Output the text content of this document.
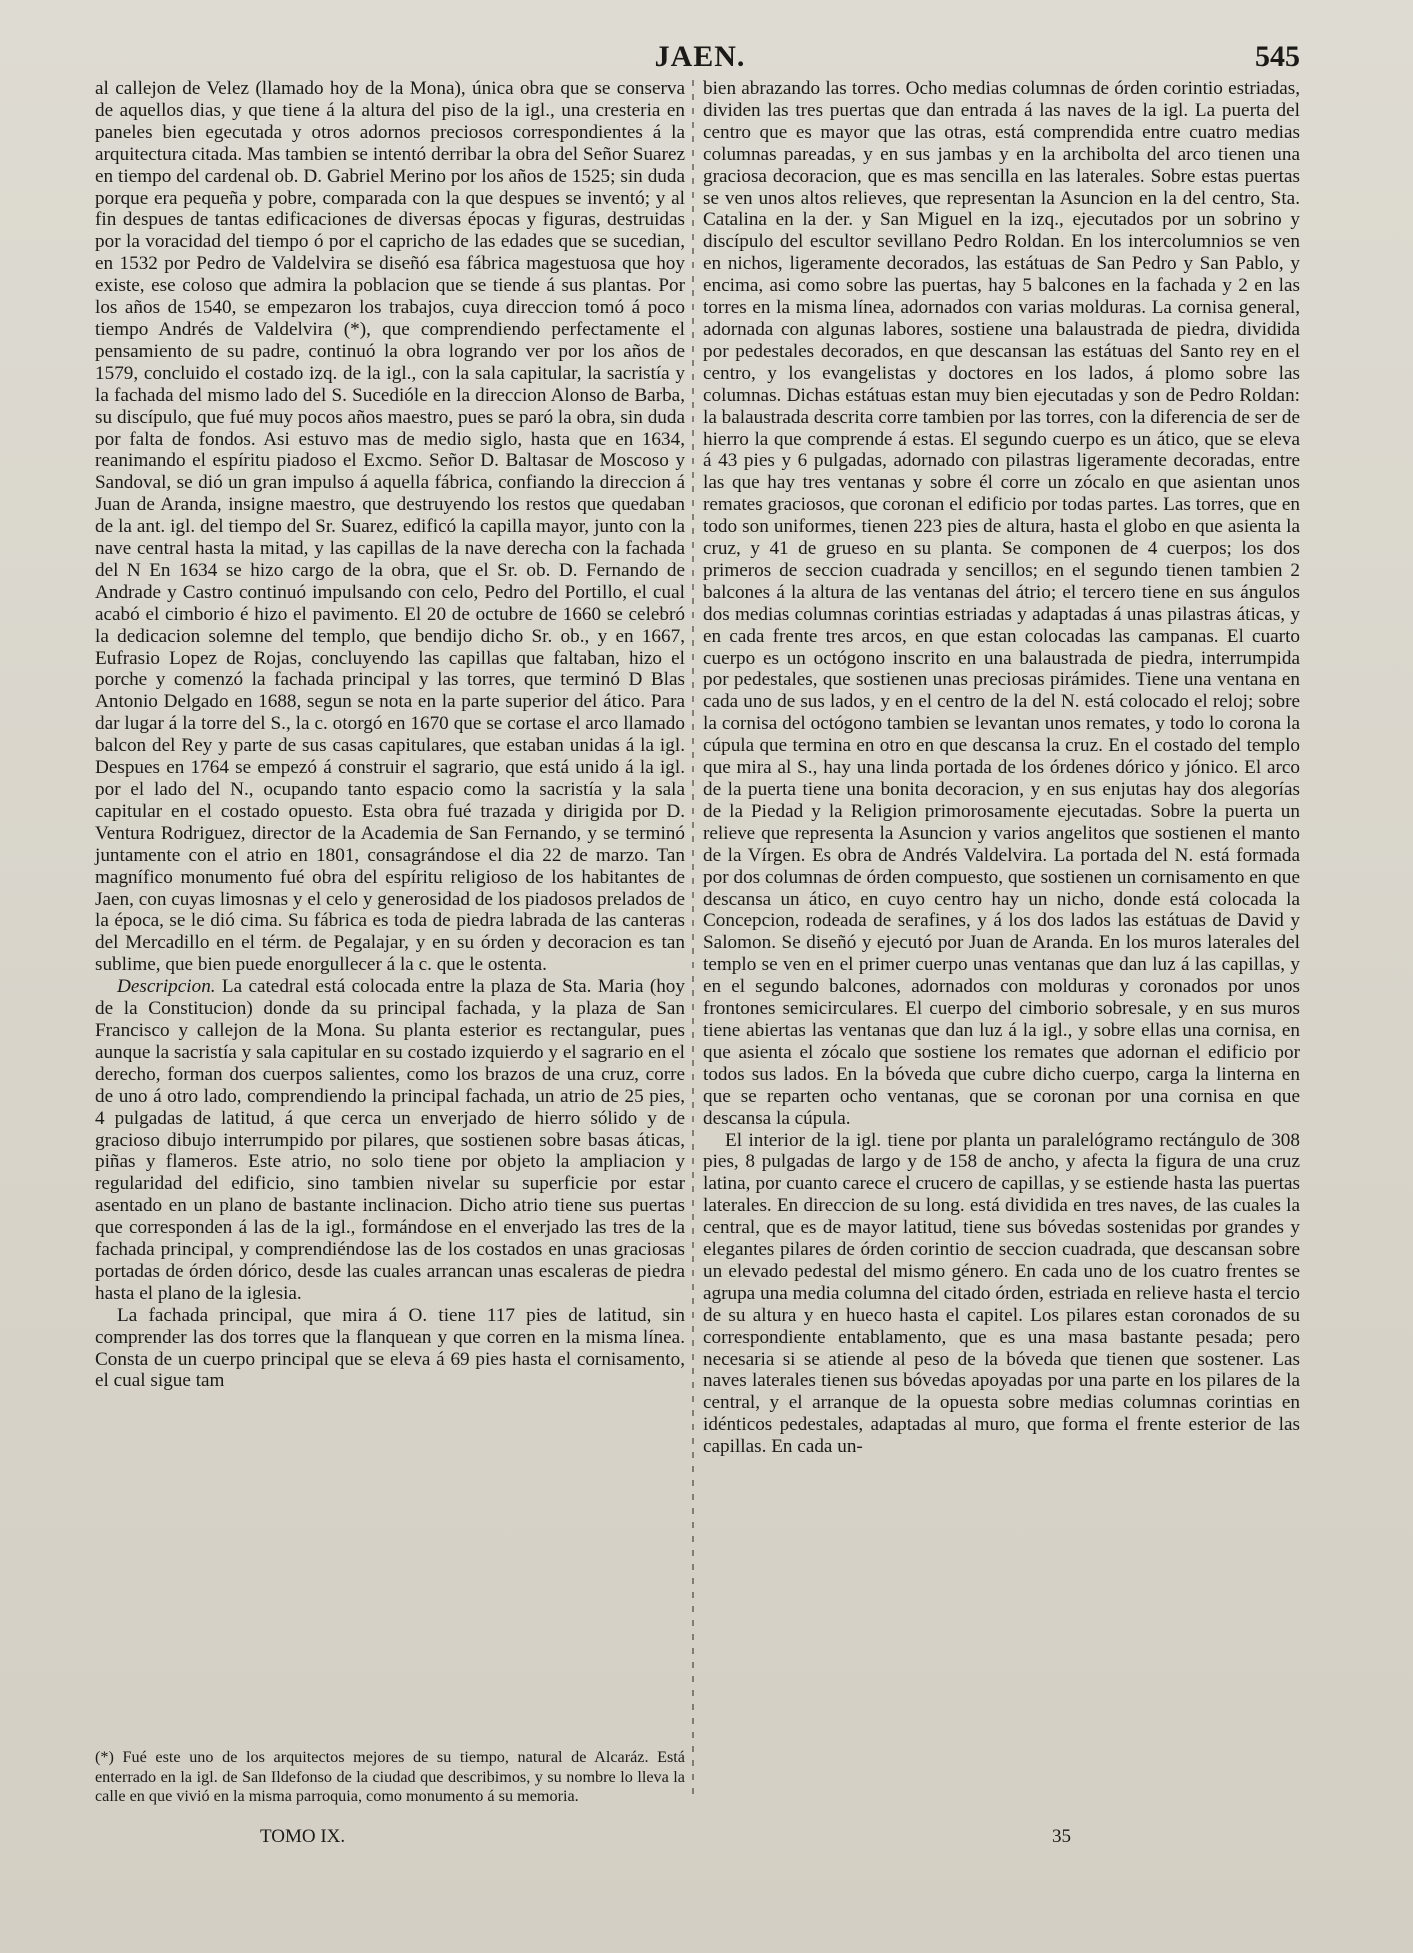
JAEN.	545

al callejon de Velez (llamado hoy de la Mona), única obra que se conserva de aquellos dias, y que tiene á la altura del piso de la igl., una cresteria en paneles bien egecutada y otros adornos preciosos correspondientes á la arquitectura citada. Mas tambien se intentó derribar la obra del Señor Suarez en tiempo del cardenal ob. D. Gabriel Merino por los años de 1525; sin duda porque era pequeña y pobre, comparada con la que despues se inventó; y al fin despues de tantas edificaciones de diversas épocas y figuras, destruidas por la voracidad del tiempo ó por el capricho de las edades que se sucedian, en 1532 por Pedro de Valdelvira se diseñó esa fábrica magestuosa que hoy existe, ese coloso que admira la poblacion que se tiende á sus plantas. Por los años de 1540, se empezaron los trabajos, cuya direccion tomó á poco tiempo Andrés de Valdelvira (*), que comprendiendo perfectamente el pensamiento de su padre, continuó la obra logrando ver por los años de 1579, concluido el costado izq. de la igl., con la sala capitular, la sacristía y la fachada del mismo lado del S. Sucedióle en la direccion Alonso de Barba, su discípulo, que fué muy pocos años maestro, pues se paró la obra, sin duda por falta de fondos. Asi estuvo mas de medio siglo, hasta que en 1634, reanimando el espíritu piadoso el Excmo. Señor D. Baltasar de Moscoso y Sandoval, se dió un gran impulso á aquella fábrica, confiando la direccion á Juan de Aranda, insigne maestro, que destruyendo los restos que quedaban de la ant. igl. del tiempo del Sr. Suarez, edificó la capilla mayor, junto con la nave central hasta la mitad, y las capillas de la nave derecha con la fachada del N En 1634 se hizo cargo de la obra, que el Sr. ob. D. Fernando de Andrade y Castro continuó impulsando con celo, Pedro del Portillo, el cual acabó el cimborio é hizo el pavimento. El 20 de octubre de 1660 se celebró la dedicacion solemne del templo, que bendijo dicho Sr. ob., y en 1667, Eufrasio Lopez de Rojas, concluyendo las capillas que faltaban, hizo el porche y comenzó la fachada principal y las torres, que terminó D Blas Antonio Delgado en 1688, segun se nota en la parte superior del ático. Para dar lugar á la torre del S., la c. otorgó en 1670 que se cortase el arco llamado balcon del Rey y parte de sus casas capitulares, que estaban unidas á la igl. Despues en 1764 se empezó á construir el sagrario, que está unido á la igl. por el lado del N., ocupando tanto espacio como la sacristía y la sala capitular en el costado opuesto. Esta obra fué trazada y dirigida por D. Ventura Rodriguez, director de la Academia de San Fernando, y se terminó juntamente con el atrio en 1801, consagrándose el dia 22 de marzo. Tan magnífico monumento fué obra del espíritu religioso de los habitantes de Jaen, con cuyas limosnas y el celo y generosidad de los piadosos prelados de la época, se le dió cima. Su fábrica es toda de piedra labrada de las canteras del Mercadillo en el térm. de Pegalajar, y en su órden y decoracion es tan sublime, que bien puede enorgullecer á la c. que le ostenta.

Descripcion. La catedral está colocada entre la plaza de Sta. Maria (hoy de la Constitucion) donde da su principal fachada, y la plaza de San Francisco y callejon de la Mona. Su planta esterior es rectangular, pues aunque la sacristía y sala capitular en su costado izquierdo y el sagrario en el derecho, forman dos cuerpos salientes, como los brazos de una cruz, corre de uno á otro lado, comprendiendo la principal fachada, un atrio de 25 pies, 4 pulgadas de latitud, á que cerca un enverjado de hierro sólido y de gracioso dibujo interrumpido por pilares, que sostienen sobre basas áticas, piñas y flameros. Este atrio, no solo tiene por objeto la ampliacion y regularidad del edificio, sino tambien nivelar su superficie por estar asentado en un plano de bastante inclinacion. Dicho atrio tiene sus puertas que corresponden á las de la igl., formándose en el enverjado las tres de la fachada principal, y comprendiéndose las de los costados en unas graciosas portadas de órden dórico, desde las cuales arrancan unas escaleras de piedra hasta el plano de la iglesia.

La fachada principal, que mira á O. tiene 117 pies de latitud, sin comprender las dos torres que la flanquean y que corren en la misma línea. Consta de un cuerpo principal que se eleva á 69 pies hasta el cornisamento, el cual sigue tam

bien abrazando las torres. Ocho medias columnas de órden corintio estriadas, dividen las tres puertas que dan entrada á las naves de la igl. La puerta del centro que es mayor que las otras, está comprendida entre cuatro medias columnas pareadas, y en sus jambas y en la archibolta del arco tienen una graciosa decoracion, que es mas sencilla en las laterales. Sobre estas puertas se ven unos altos relieves, que representan la Asuncion en la del centro, Sta. Catalina en la der. y San Miguel en la izq., ejecutados por un sobrino y discípulo del escultor sevillano Pedro Roldan. En los intercolumnios se ven en nichos, ligeramente decorados, las estátuas de San Pedro y San Pablo, y encima, asi como sobre las puertas, hay 5 balcones en la fachada y 2 en las torres en la misma línea, adornados con varias molduras. La cornisa general, adornada con algunas labores, sostiene una balaustrada de piedra, dividida por pedestales decorados, en que descansan las estátuas del Santo rey en el centro, y los evangelistas y doctores en los lados, á plomo sobre las columnas. Dichas estátuas estan muy bien ejecutadas y son de Pedro Roldan: la balaustrada descrita corre tambien por las torres, con la diferencia de ser de hierro la que comprende á estas. El segundo cuerpo es un ático, que se eleva á 43 pies y 6 pulgadas, adornado con pilastras ligeramente decoradas, entre las que hay tres ventanas y sobre él corre un zócalo en que asientan unos remates graciosos, que coronan el edificio por todas partes. Las torres, que en todo son uniformes, tienen 223 pies de altura, hasta el globo en que asienta la cruz, y 41 de grueso en su planta. Se componen de 4 cuerpos; los dos primeros de seccion cuadrada y sencillos; en el segundo tienen tambien 2 balcones á la altura de las ventanas del átrio; el tercero tiene en sus ángulos dos medias columnas corintias estriadas y adaptadas á unas pilastras áticas, y en cada frente tres arcos, en que estan colocadas las campanas. El cuarto cuerpo es un octógono inscrito en una balaustrada de piedra, interrumpida por pedestales, que sostienen unas preciosas pirámides. Tiene una ventana en cada uno de sus lados, y en el centro de la del N. está colocado el reloj; sobre la cornisa del octógono tambien se levantan unos remates, y todo lo corona la cúpula que termina en otro en que descansa la cruz. En el costado del templo que mira al S., hay una linda portada de los órdenes dórico y jónico. El arco de la puerta tiene una bonita decoracion, y en sus enjutas hay dos alegorías de la Piedad y la Religion primorosamente ejecutadas. Sobre la puerta un relieve que representa la Asuncion y varios angelitos que sostienen el manto de la Vírgen. Es obra de Andrés Valdelvira. La portada del N. está formada por dos columnas de órden compuesto, que sostienen un cornisamento en que descansa un ático, en cuyo centro hay un nicho, donde está colocada la Concepcion, rodeada de serafines, y á los dos lados las estátuas de David y Salomon. Se diseñó y ejecutó por Juan de Aranda. En los muros laterales del templo se ven en el primer cuerpo unas ventanas que dan luz á las capillas, y en el segundo balcones, adornados con molduras y coronados por unos frontones semicirculares. El cuerpo del cimborio sobresale, y en sus muros tiene abiertas las ventanas que dan luz á la igl., y sobre ellas una cornisa, en que asienta el zócalo que sostiene los remates que adornan el edificio por todos sus lados. En la bóveda que cubre dicho cuerpo, carga la linterna en que se reparten ocho ventanas, que se coronan por una cornisa en que descansa la cúpula.

El interior de la igl. tiene por planta un paralelógramo rectángulo de 308 pies, 8 pulgadas de largo y de 158 de ancho, y afecta la figura de una cruz latina, por cuanto carece el crucero de capillas, y se estiende hasta las puertas laterales. En direccion de su long. está dividida en tres naves, de las cuales la central, que es de mayor latitud, tiene sus bóvedas sostenidas por grandes y elegantes pilares de órden corintio de seccion cuadrada, que descansan sobre un elevado pedestal del mismo género. En cada uno de los cuatro frentes se agrupa una media columna del citado órden, estriada en relieve hasta el tercio de su altura y en hueco hasta el capitel. Los pilares estan coronados de su correspondiente entablamento, que es una masa bastante pesada; pero necesaria si se atiende al peso de la bóveda que tienen que sostener. Las naves laterales tienen sus bóvedas apoyadas por una parte en los pilares de la central, y el arranque de la opuesta sobre medias columnas corintias en idénticos pedestales, adaptadas al muro, que forma el frente esterior de las capillas. En cada un-

(*) Fué este uno de los arquitectos mejores de su tiempo, natural de Alcaráz. Está enterrado en la igl. de San Ildefonso de la ciudad que describimos, y su nombre lo lleva la calle en que vivió en la misma parroquia, como monumento á su memoria.
TOMO IX.	35
